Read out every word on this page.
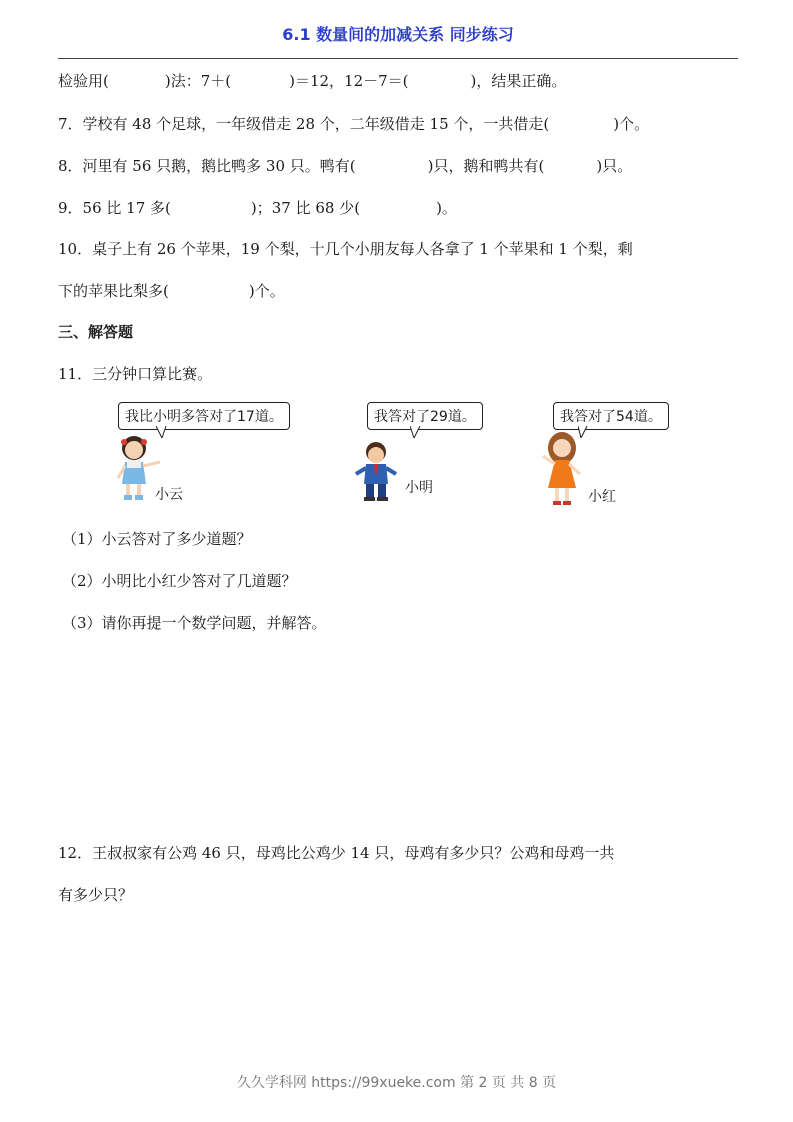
6.1 数量间的加减关系 同步练习
检验用(	)法：7＋(	)＝12，12－7＝(	)，结果正确。
7．学校有 48 个足球，一年级借走 28 个，二年级借走 15 个，一共借走(	)个。
8．河里有 56 只鹅，鹅比鸭多 30 只。鸭有(	)只，鹅和鸭共有(	)只。
9．56 比 17 多(	)；37 比 68 少(	)。
10．桌子上有 26 个苹果，19 个梨，十几个小朋友每人各拿了 1 个苹果和 1 个梨，剩
下的苹果比梨多(	)个。
三、解答题
11．三分钟口算比赛。
我比小明多答对了17道。	我答对了29道。	我答对了54道。
小云	小明
小红
（1）小云答对了多少道题？
（2）小明比小红少答对了几道题？
（3）请你再提一个数学问题，并解答。
12．王叔叔家有公鸡 46 只，母鸡比公鸡少 14 只，母鸡有多少只？公鸡和母鸡一共
有多少只？
久久学科网 https://99xueke.com 第 2 页 共 8 页
